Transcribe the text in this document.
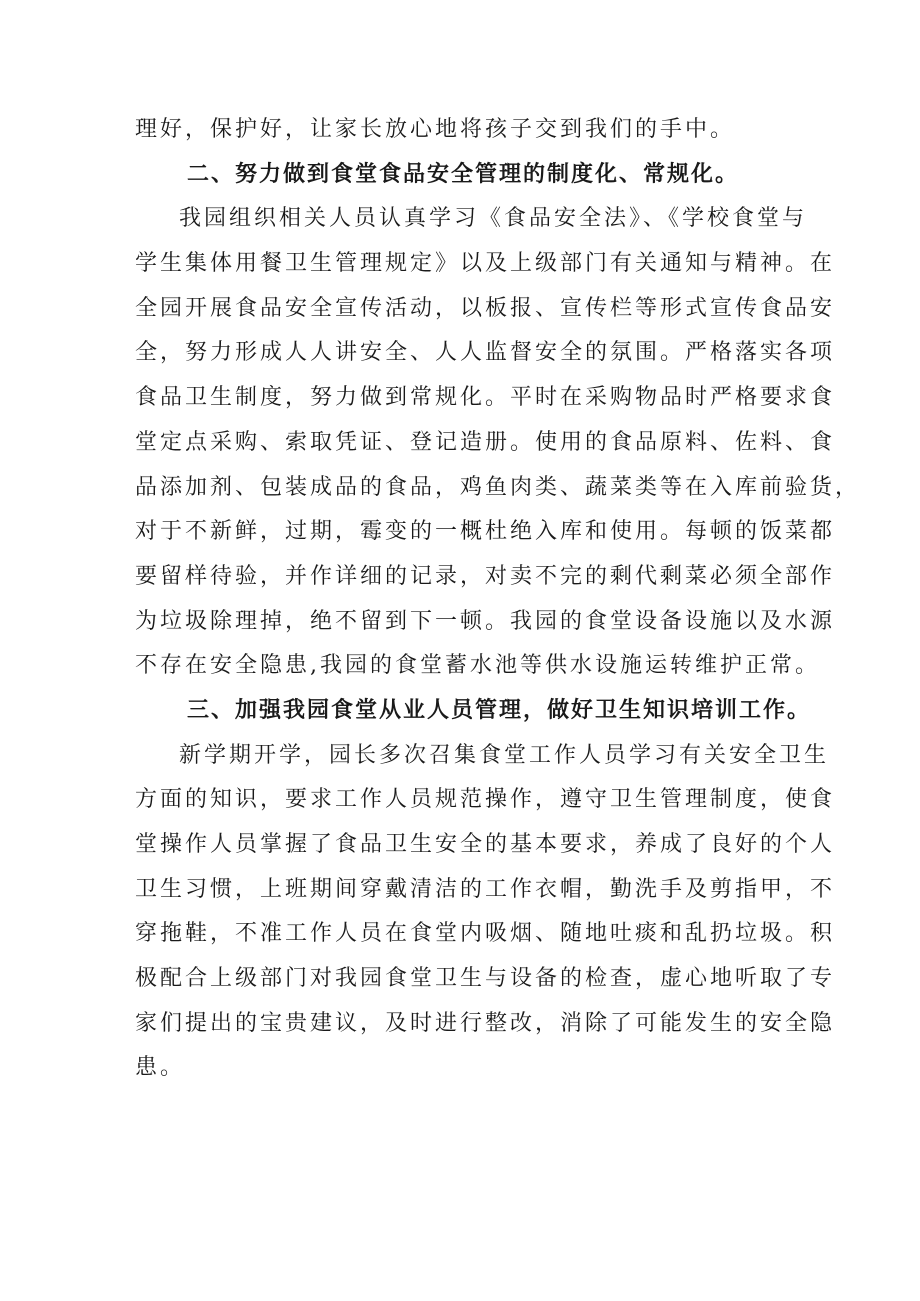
理好，保护好，让家长放心地将孩子交到我们的手中。
二、努力做到食堂食品安全管理的制度化、常规化。
我园组织相关人员认真学习《食品安全法》、《学校食堂与
学生集体用餐卫生管理规定》以及上级部门有关通知与精神。在
全园开展食品安全宣传活动，以板报、宣传栏等形式宣传食品安
全，努力形成人人讲安全、人人监督安全的氛围。严格落实各项
食品卫生制度，努力做到常规化。平时在采购物品时严格要求食
堂定点采购、索取凭证、登记造册。使用的食品原料、佐料、食
品添加剂、包装成品的食品，鸡鱼肉类、蔬菜类等在入库前验货，
对于不新鲜，过期，霉变的一概杜绝入库和使用。每顿的饭菜都
要留样待验，并作详细的记录，对卖不完的剩代剩菜必须全部作
为垃圾除理掉，绝不留到下一顿。我园的食堂设备设施以及水源
不存在安全隐患,我园的食堂蓄水池等供水设施运转维护正常。
三、加强我园食堂从业人员管理，做好卫生知识培训工作。
新学期开学，园长多次召集食堂工作人员学习有关安全卫生
方面的知识，要求工作人员规范操作，遵守卫生管理制度，使食
堂操作人员掌握了食品卫生安全的基本要求，养成了良好的个人
卫生习惯，上班期间穿戴清洁的工作衣帽，勤洗手及剪指甲，不
穿拖鞋，不准工作人员在食堂内吸烟、随地吐痰和乱扔垃圾。积
极配合上级部门对我园食堂卫生与设备的检查，虚心地听取了专
家们提出的宝贵建议，及时进行整改，消除了可能发生的安全隐
患。
